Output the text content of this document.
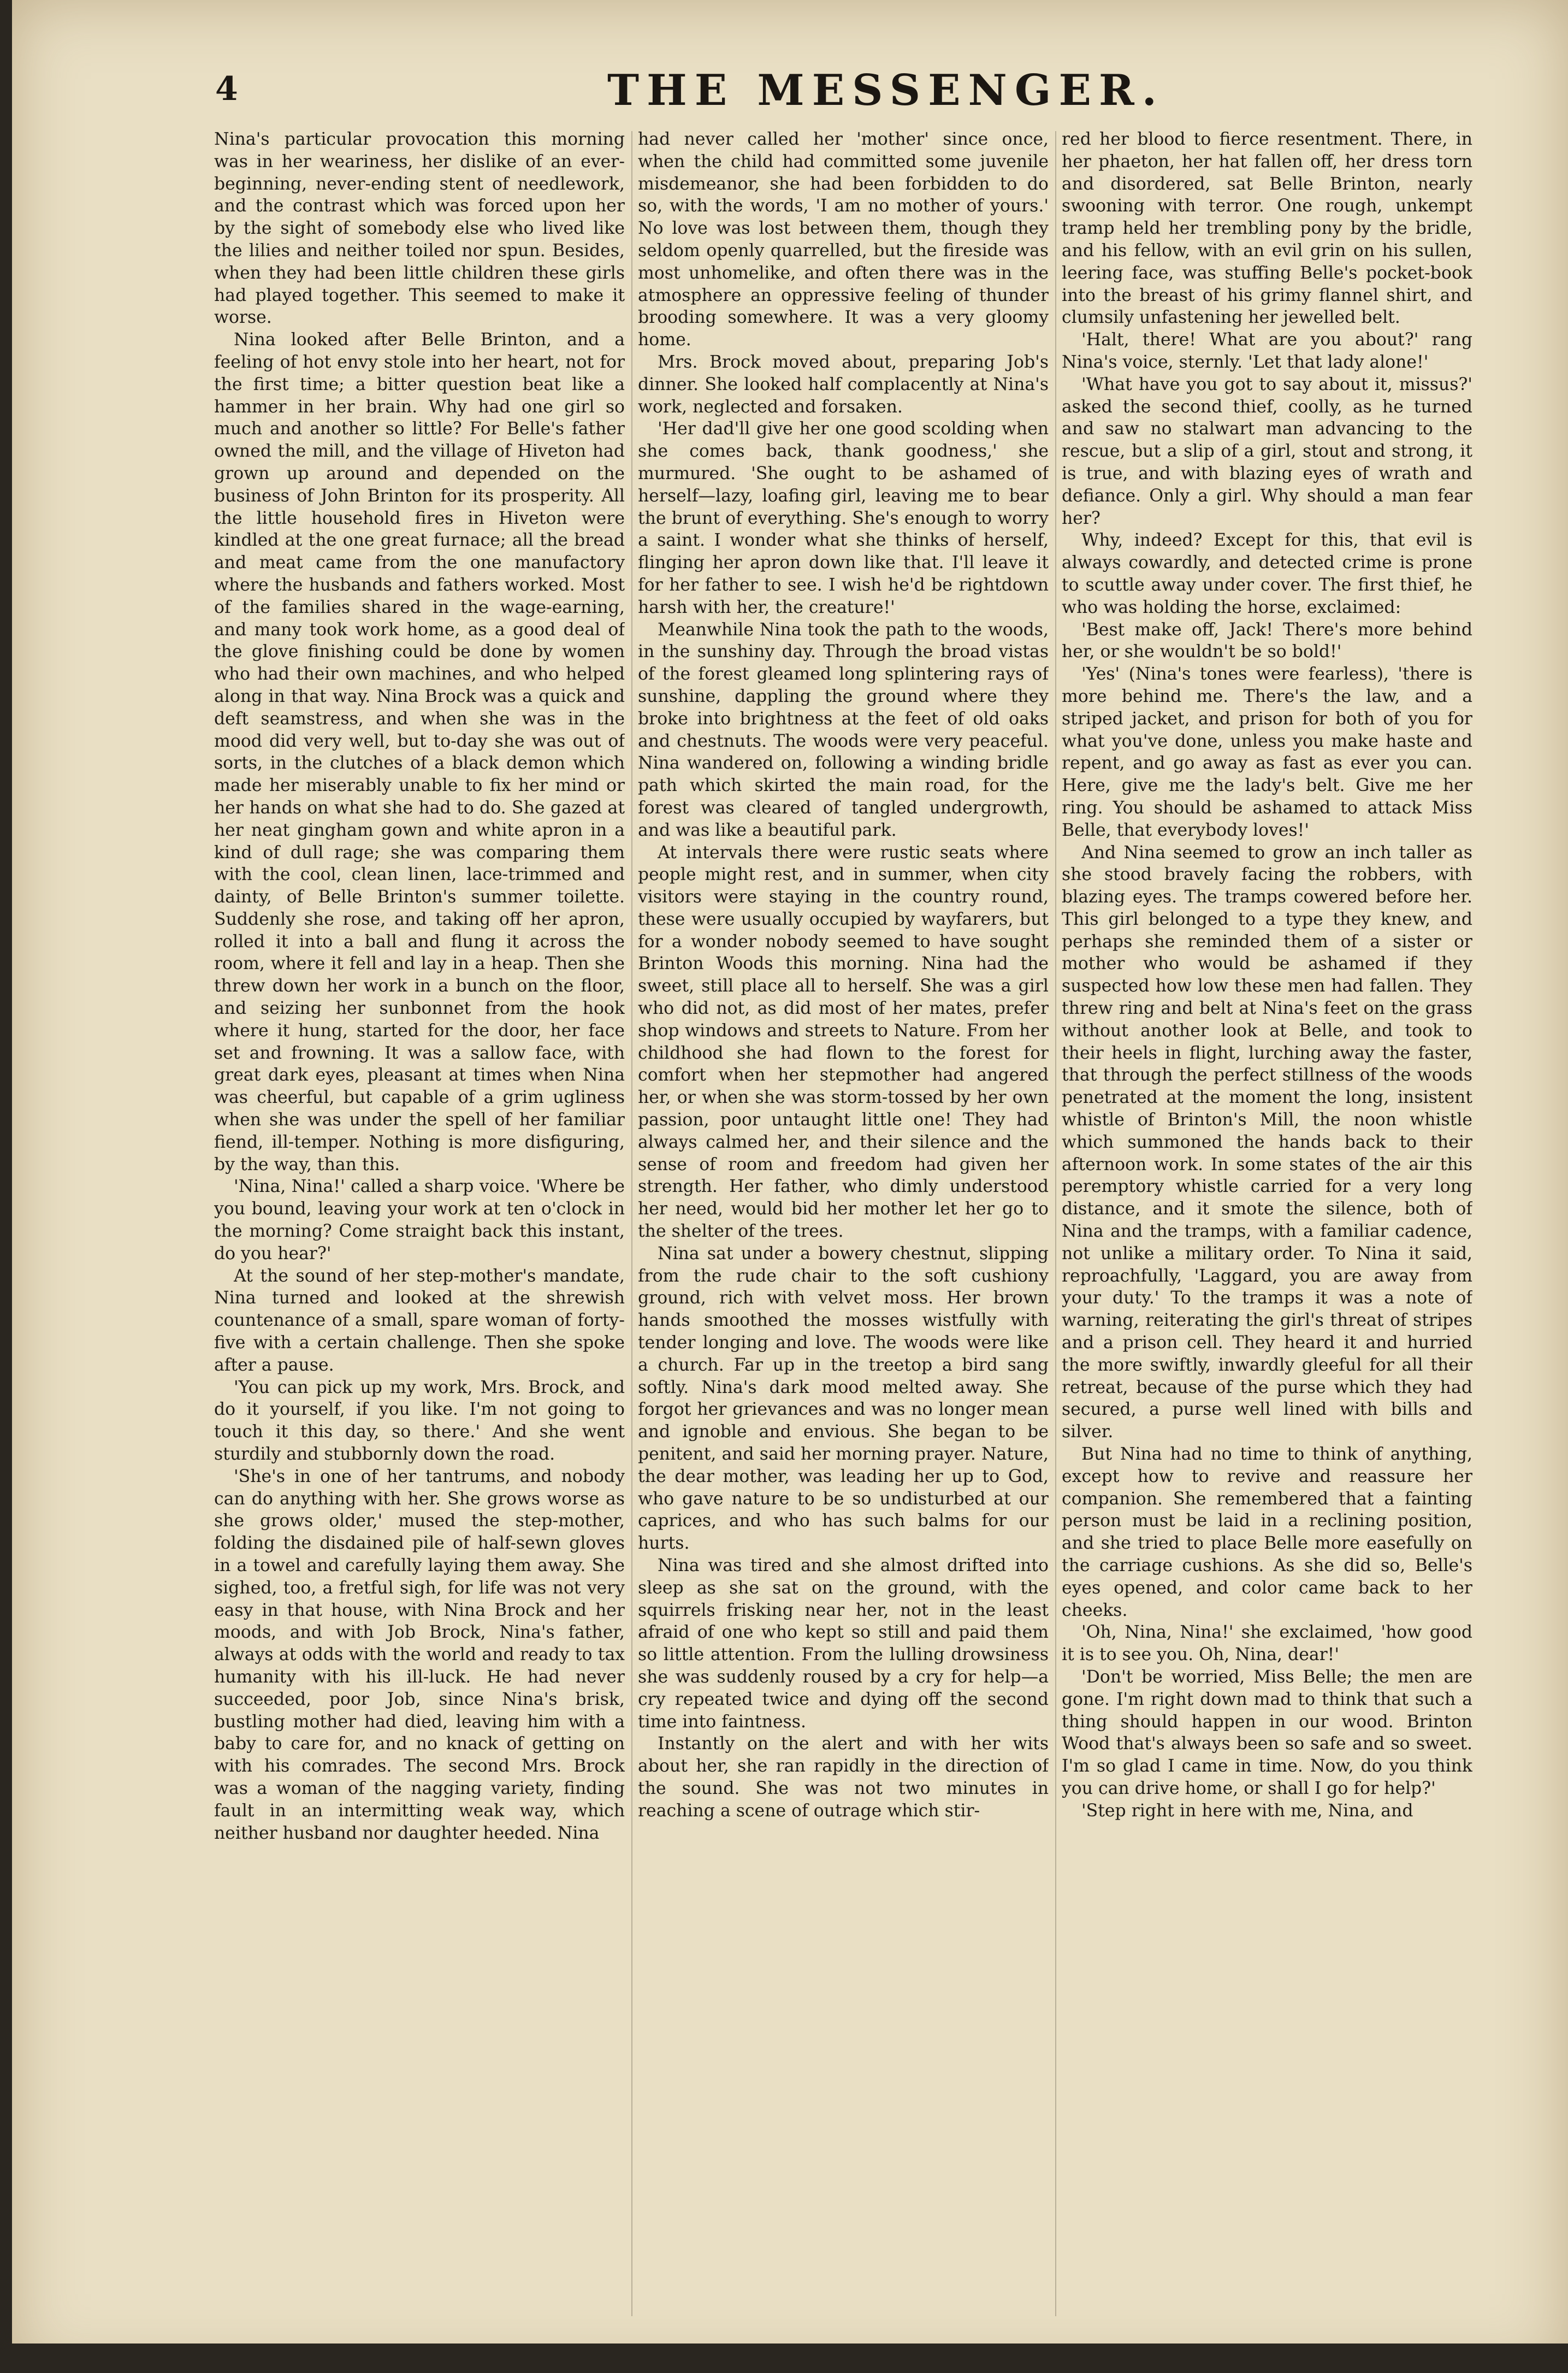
4	THE MESSENGER.

Nina's particular provocation this morning was in her weariness, her dislike of an ever-beginning, never-ending stent of needlework, and the contrast which was forced upon her by the sight of somebody else who lived like the lilies and neither toiled nor spun. Besides, when they had been little children these girls had played together. This seemed to make it worse.

Nina looked after Belle Brinton, and a feeling of hot envy stole into her heart, not for the first time; a bitter question beat like a hammer in her brain. Why had one girl so much and another so little? For Belle's father owned the mill, and the village of Hiveton had grown up around and depended on the business of John Brinton for its prosperity. All the little household fires in Hiveton were kindled at the one great furnace; all the bread and meat came from the one manufactory where the husbands and fathers worked. Most of the families shared in the wage-earning, and many took work home, as a good deal of the glove finishing could be done by women who had their own machines, and who helped along in that way. Nina Brock was a quick and deft seamstress, and when she was in the mood did very well, but to-day she was out of sorts, in the clutches of a black demon which made her miserably unable to fix her mind or her hands on what she had to do. She gazed at her neat gingham gown and white apron in a kind of dull rage; she was comparing them with the cool, clean linen, lace-trimmed and dainty, of Belle Brinton's summer toilette. Suddenly she rose, and taking off her apron, rolled it into a ball and flung it across the room, where it fell and lay in a heap. Then she threw down her work in a bunch on the floor, and seizing her sunbonnet from the hook where it hung, started for the door, her face set and frowning. It was a sallow face, with great dark eyes, pleasant at times when Nina was cheerful, but capable of a grim ugliness when she was under the spell of her familiar fiend, ill-temper. Nothing is more disfiguring, by the way, than this.

'Nina, Nina!' called a sharp voice. 'Where be you bound, leaving your work at ten o'clock in the morning? Come straight back this instant, do you hear?'

At the sound of her step-mother's mandate, Nina turned and looked at the shrewish countenance of a small, spare woman of forty-five with a certain challenge. Then she spoke after a pause.

'You can pick up my work, Mrs. Brock, and do it yourself, if you like. I'm not going to touch it this day, so there.' And she went sturdily and stubbornly down the road.

'She's in one of her tantrums, and nobody can do anything with her. She grows worse as she grows older,' mused the step-mother, folding the disdained pile of half-sewn gloves in a towel and carefully laying them away. She sighed, too, a fretful sigh, for life was not very easy in that house, with Nina Brock and her moods, and with Job Brock, Nina's father, always at odds with the world and ready to tax humanity with his ill-luck. He had never succeeded, poor Job, since Nina's brisk, bustling mother had died, leaving him with a baby to care for, and no knack of getting on with his comrades. The second Mrs. Brock was a woman of the nagging variety, finding fault in an intermitting weak way, which neither husband nor daughter heeded. Nina

had never called her 'mother' since once, when the child had committed some juvenile misdemeanor, she had been forbidden to do so, with the words, 'I am no mother of yours.' No love was lost between them, though they seldom openly quarrelled, but the fireside was most unhomelike, and often there was in the atmosphere an oppressive feeling of thunder brooding somewhere. It was a very gloomy home.

Mrs. Brock moved about, preparing Job's dinner. She looked half complacently at Nina's work, neglected and forsaken.

'Her dad'll give her one good scolding when she comes back, thank goodness,' she murmured. 'She ought to be ashamed of herself—lazy, loafing girl, leaving me to bear the brunt of everything. She's enough to worry a saint. I wonder what she thinks of herself, flinging her apron down like that. I'll leave it for her father to see. I wish he'd be rightdown harsh with her, the creature!'

Meanwhile Nina took the path to the woods, in the sunshiny day. Through the broad vistas of the forest gleamed long splintering rays of sunshine, dappling the ground where they broke into brightness at the feet of old oaks and chestnuts. The woods were very peaceful. Nina wandered on, following a winding bridle path which skirted the main road, for the forest was cleared of tangled undergrowth, and was like a beautiful park.

At intervals there were rustic seats where people might rest, and in summer, when city visitors were staying in the country round, these were usually occupied by wayfarers, but for a wonder nobody seemed to have sought Brinton Woods this morning. Nina had the sweet, still place all to herself. She was a girl who did not, as did most of her mates, prefer shop windows and streets to Nature. From her childhood she had flown to the forest for comfort when her stepmother had angered her, or when she was storm-tossed by her own passion, poor untaught little one! They had always calmed her, and their silence and the sense of room and freedom had given her strength. Her father, who dimly understood her need, would bid her mother let her go to the shelter of the trees.

Nina sat under a bowery chestnut, slipping from the rude chair to the soft cushiony ground, rich with velvet moss. Her brown hands smoothed the mosses wistfully with tender longing and love. The woods were like a church. Far up in the treetop a bird sang softly. Nina's dark mood melted away. She forgot her grievances and was no longer mean and ignoble and envious. She began to be penitent, and said her morning prayer. Nature, the dear mother, was leading her up to God, who gave nature to be so undisturbed at our caprices, and who has such balms for our hurts.

Nina was tired and she almost drifted into sleep as she sat on the ground, with the squirrels frisking near her, not in the least afraid of one who kept so still and paid them so little attention. From the lulling drowsiness she was suddenly roused by a cry for help—a cry repeated twice and dying off the second time into faintness.

Instantly on the alert and with her wits about her, she ran rapidly in the direction of the sound. She was not two minutes in reaching a scene of outrage which stir-

red her blood to fierce resentment. There, in her phaeton, her hat fallen off, her dress torn and disordered, sat Belle Brinton, nearly swooning with terror. One rough, unkempt tramp held her trembling pony by the bridle, and his fellow, with an evil grin on his sullen, leering face, was stuffing Belle's pocket-book into the breast of his grimy flannel shirt, and clumsily unfastening her jewelled belt.

'Halt, there! What are you about?' rang Nina's voice, sternly. 'Let that lady alone!'

'What have you got to say about it, missus?' asked the second thief, coolly, as he turned and saw no stalwart man advancing to the rescue, but a slip of a girl, stout and strong, it is true, and with blazing eyes of wrath and defiance. Only a girl. Why should a man fear her?

Why, indeed? Except for this, that evil is always cowardly, and detected crime is prone to scuttle away under cover. The first thief, he who was holding the horse, exclaimed:

'Best make off, Jack! There's more behind her, or she wouldn't be so bold!'

'Yes' (Nina's tones were fearless), 'there is more behind me. There's the law, and a striped jacket, and prison for both of you for what you've done, unless you make haste and repent, and go away as fast as ever you can. Here, give me the lady's belt. Give me her ring. You should be ashamed to attack Miss Belle, that everybody loves!'

And Nina seemed to grow an inch taller as she stood bravely facing the robbers, with blazing eyes. The tramps cowered before her. This girl belonged to a type they knew, and perhaps she reminded them of a sister or mother who would be ashamed if they suspected how low these men had fallen. They threw ring and belt at Nina's feet on the grass without another look at Belle, and took to their heels in flight, lurching away the faster, that through the perfect stillness of the woods penetrated at the moment the long, insistent whistle of Brinton's Mill, the noon whistle which summoned the hands back to their afternoon work. In some states of the air this peremptory whistle carried for a very long distance, and it smote the silence, both of Nina and the tramps, with a familiar cadence, not unlike a military order. To Nina it said, reproachfully, 'Laggard, you are away from your duty.' To the tramps it was a note of warning, reiterating the girl's threat of stripes and a prison cell. They heard it and hurried the more swiftly, inwardly gleeful for all their retreat, because of the purse which they had secured, a purse well lined with bills and silver.

But Nina had no time to think of anything, except how to revive and reassure her companion. She remembered that a fainting person must be laid in a reclining position, and she tried to place Belle more easefully on the carriage cushions. As she did so, Belle's eyes opened, and color came back to her cheeks.

'Oh, Nina, Nina!' she exclaimed, 'how good it is to see you. Oh, Nina, dear!'

'Don't be worried, Miss Belle; the men are gone. I'm right down mad to think that such a thing should happen in our wood. Brinton Wood that's always been so safe and so sweet. I'm so glad I came in time. Now, do you think you can drive home, or shall I go for help?'

'Step right in here with me, Nina, and
